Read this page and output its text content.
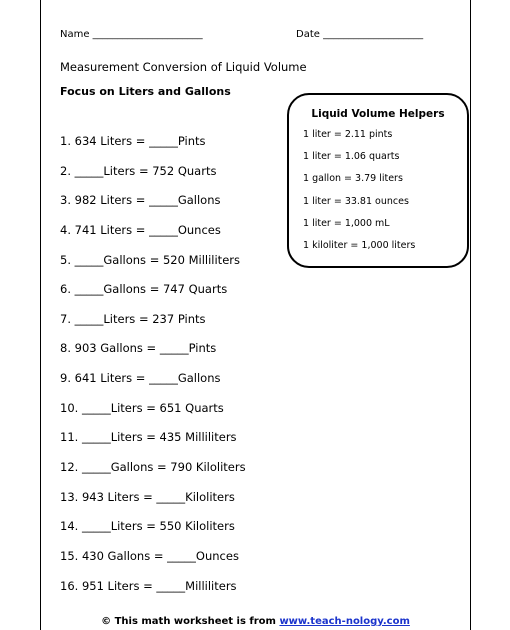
Name ______________________	Date ____________________
Measurement Conversion of Liquid Volume
Focus on Liters and Gallons
1. 634 Liters = _____Pints
2. _____Liters = 752 Quarts
3. 982 Liters = _____Gallons
4. 741 Liters = _____Ounces
5. _____Gallons = 520 Milliliters
6. _____Gallons = 747 Quarts
7. _____Liters = 237 Pints
8. 903 Gallons = _____Pints
9. 641 Liters = _____Gallons
10. _____Liters = 651 Quarts
11. _____Liters = 435 Milliliters
12. _____Gallons = 790 Kiloliters
13. 943 Liters = _____Kiloliters
14. _____Liters = 550 Kiloliters
15. 430 Gallons = _____Ounces
16. 951 Liters = _____Milliliters
Liquid Volume Helpers
1 liter = 2.11 pints
1 liter = 1.06 quarts
1 gallon = 3.79 liters
1 liter = 33.81 ounces
1 liter = 1,000 mL
1 kiloliter = 1,000 liters
© This math worksheet is from www.teach-nology.com
